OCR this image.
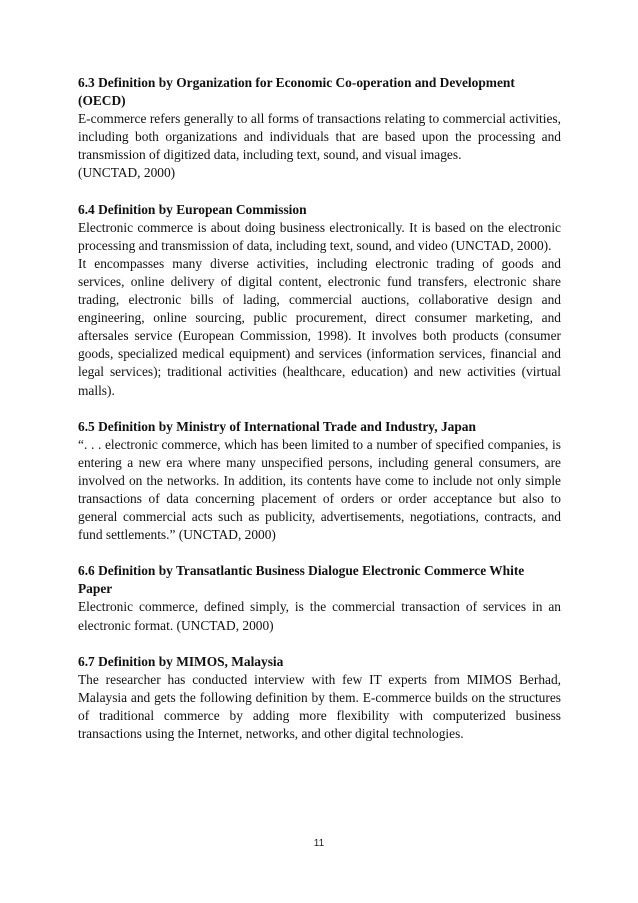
6.3 Definition by Organization for Economic Co-operation and Development (OECD)

E-commerce refers generally to all forms of transactions relating to commercial activities, including both organizations and individuals that are based upon the processing and transmission of digitized data, including text, sound, and visual images.

(UNCTAD, 2000)

6.4 Definition by European Commission

Electronic commerce is about doing business electronically. It is based on the electronic processing and transmission of data, including text, sound, and video (UNCTAD, 2000).

It encompasses many diverse activities, including electronic trading of goods and services, online delivery of digital content, electronic fund transfers, electronic share trading, electronic bills of lading, commercial auctions, collaborative design and engineering, online sourcing, public procurement, direct consumer marketing, and aftersales service (European Commission, 1998). It involves both products (consumer goods, specialized medical equipment) and services (information services, financial and legal services); traditional activities (healthcare, education) and new activities (virtual malls).

6.5 Definition by Ministry of International Trade and Industry, Japan

“. . . electronic commerce, which has been limited to a number of specified companies, is entering a new era where many unspecified persons, including general consumers, are involved on the networks. In addition, its contents have come to include not only simple transactions of data concerning placement of orders or order acceptance but also to general commercial acts such as publicity, advertisements, negotiations, contracts, and fund settlements.” (UNCTAD, 2000)

6.6 Definition by Transatlantic Business Dialogue Electronic Commerce White Paper

Electronic commerce, defined simply, is the commercial transaction of services in an electronic format. (UNCTAD, 2000)

6.7 Definition by MIMOS, Malaysia

The researcher has conducted interview with few IT experts from MIMOS Berhad, Malaysia and gets the following definition by them. E-commerce builds on the structures of traditional commerce by adding more flexibility with computerized business transactions using the Internet, networks, and other digital technologies.

11
